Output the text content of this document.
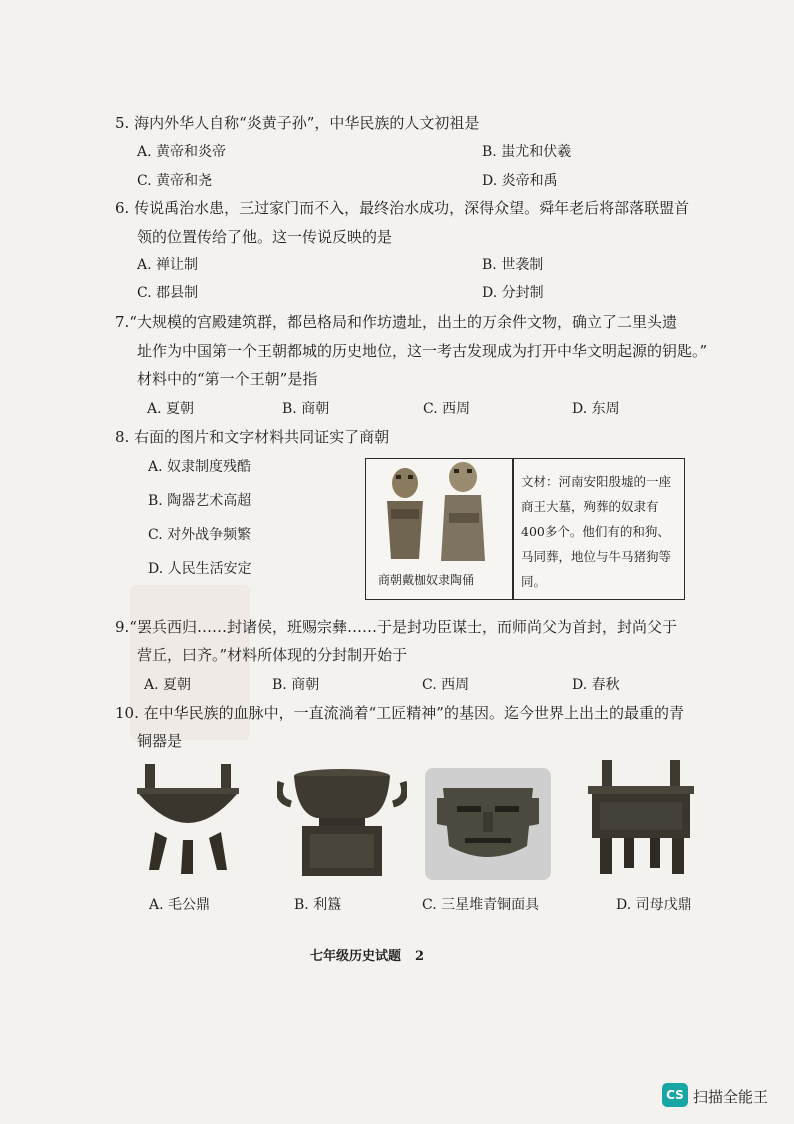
5. 海内外华人自称“炎黄子孙”，中华民族的人文初祖是
A. 黄帝和炎帝	B. 蚩尤和伏羲
C. 黄帝和尧	D. 炎帝和禹
6. 传说禹治水患，三过家门而不入，最终治水成功，深得众望。舜年老后将部落联盟首
领的位置传给了他。这一传说反映的是
A. 禅让制	B. 世袭制
C. 郡县制	D. 分封制
7.“大规模的宫殿建筑群，都邑格局和作坊遗址，出土的万余件文物，确立了二里头遗
址作为中国第一个王朝都城的历史地位，这一考古发现成为打开中华文明起源的钥匙。”
材料中的“第一个王朝”是指
A. 夏朝	B. 商朝	C. 西周	D. 东周
8. 右面的图片和文字材料共同证实了商朝
A. 奴隶制度残酷
B. 陶器艺术高超
C. 对外战争频繁
D. 人民生活安定
商朝戴枷奴隶陶俑
文材：河南安阳殷墟的一座商王大墓，殉葬的奴隶有400多个。他们有的和狗、马同葬，地位与牛马猪狗等同。
9.“罢兵西归……封诸侯，班赐宗彝……于是封功臣谋士，而师尚父为首封，封尚父于
营丘，曰齐。”材料所体现的分封制开始于
A. 夏朝	B. 商朝	C. 西周	D. 春秋
10. 在中华民族的血脉中，一直流淌着“工匠精神”的基因。迄今世界上出土的最重的青
铜器是
A. 毛公鼎	B. 利簋	C. 三星堆青铜面具	D. 司母戊鼎
七年级历史试题 2
CS 扫描全能王
